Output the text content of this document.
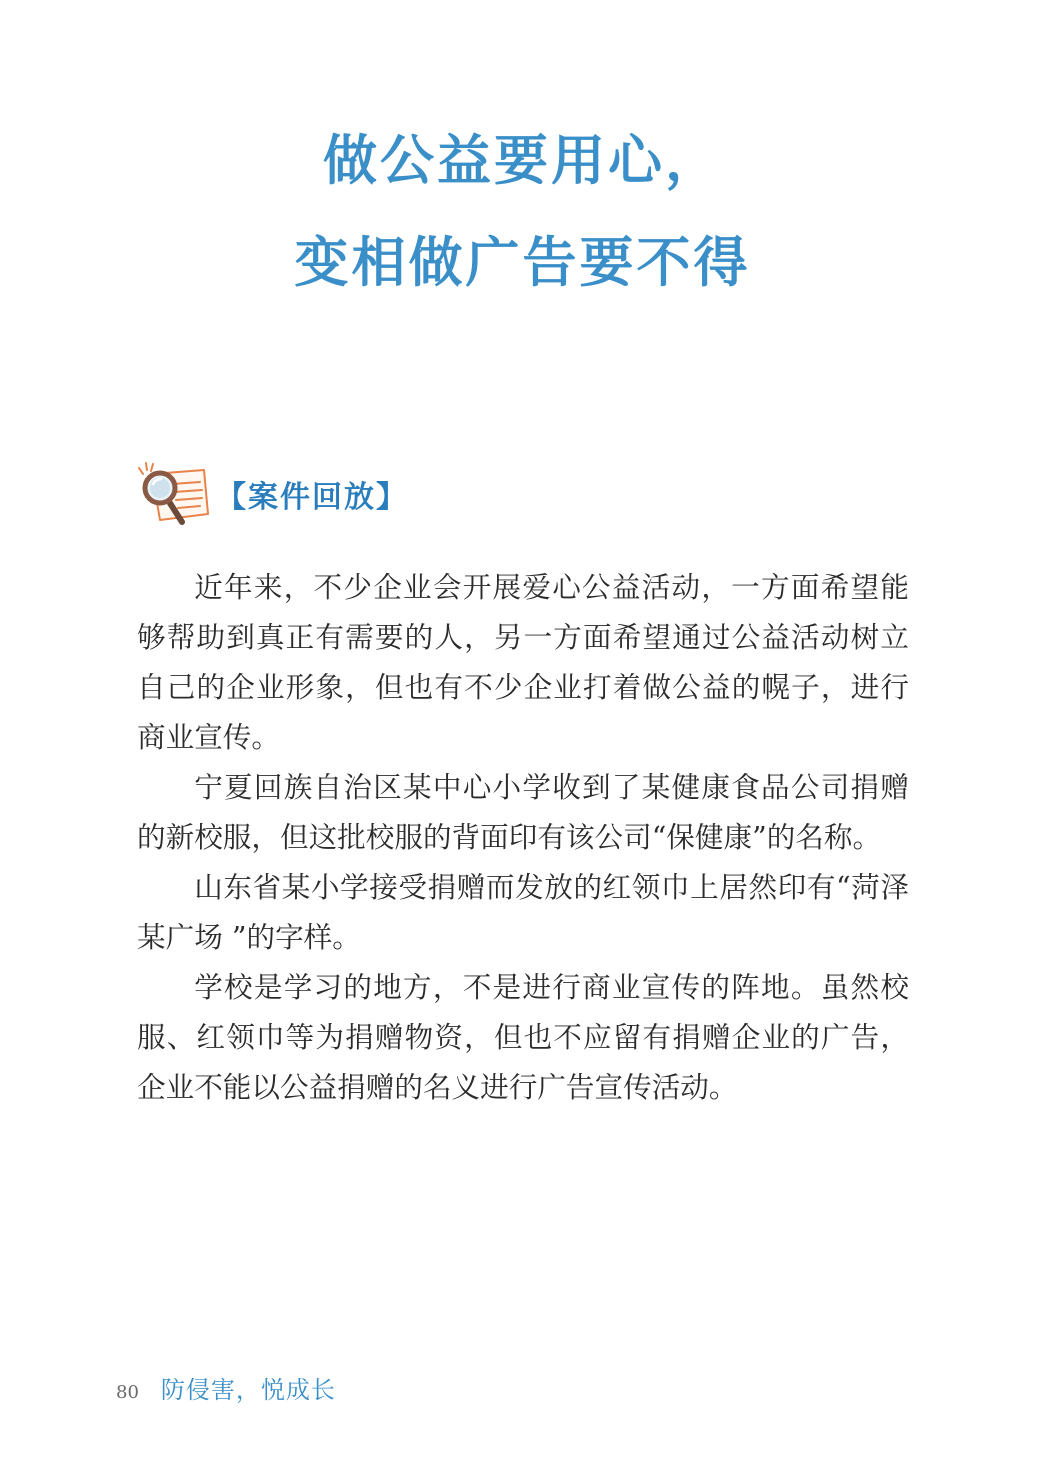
做公益要用心，
变相做广告要不得
【案件回放】

近年来，不少企业会开展爱心公益活动，一方面希望能够帮助到真正有需要的人，另一方面希望通过公益活动树立自己的企业形象，但也有不少企业打着做公益的幌子，进行商业宣传。

宁夏回族自治区某中心小学收到了某健康食品公司捐赠的新校服，但这批校服的背面印有该公司“保健康”的名称。

山东省某小学接受捐赠而发放的红领巾上居然印有“菏泽某广场 ”的字样。

学校是学习的地方，不是进行商业宣传的阵地。虽然校服、红领巾等为捐赠物资，但也不应留有捐赠企业的广告，企业不能以公益捐赠的名义进行广告宣传活动。

80 防侵害，悦成长
